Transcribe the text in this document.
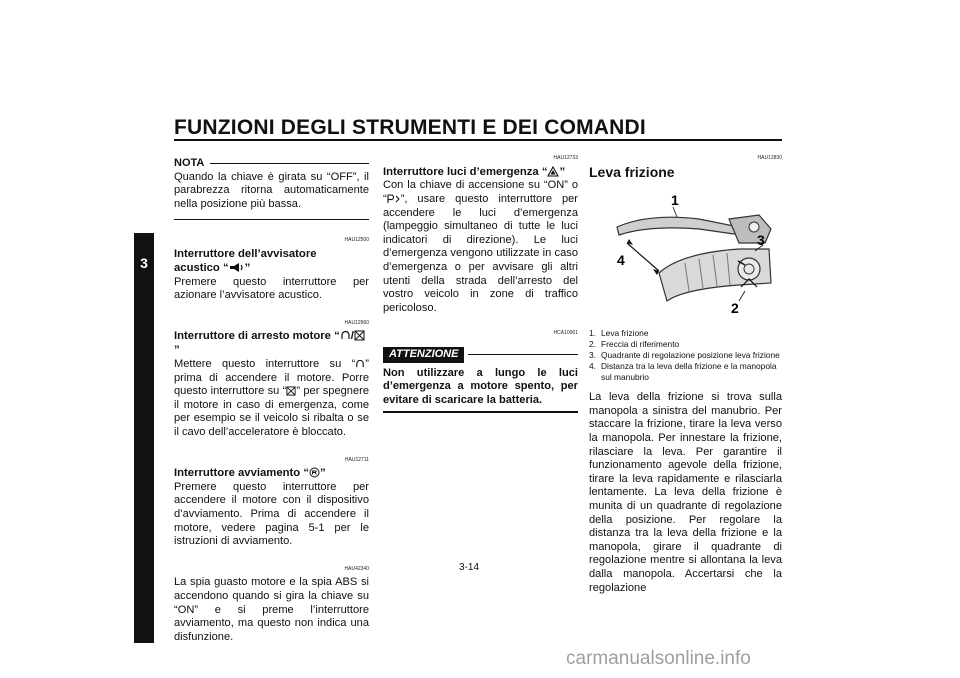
FUNZIONI DEGLI STRUMENTI E DEI COMANDI
3
NOTA

Quando la chiave è girata su “OFF”, il parabrezza ritorna automaticamente nella posizione più bassa.

HAU12500

Interruttore dell’avvisatore

acustico “ ”

Premere questo interruttore per azionare l’avvisatore acustico.

HAU12660

Interruttore di arresto motore “ /”

Mettere questo interruttore su “ ” prima di accendere il motore. Porre questo interruttore su “ ” per spegnere il motore in caso di emergenza, come per esempio se il veicolo si ribalta o se il cavo dell’acceleratore è bloccato.

HAU12711

Interruttore avviamento “ ”

Premere questo interruttore per accendere il motore con il dispositivo d’avviamento. Prima di accendere il motore, vedere pagina 5-1 per le istruzioni di avviamento.

HAU42340

La spia guasto motore e la spia ABS si accendono quando si gira la chiave su “ON” e si preme l’interruttore avviamento, ma questo non indica una disfunzione.

HAU12733

Interruttore luci d’emergenza “ ”

Con la chiave di accensione su “ON” o “ ”, usare questo interruttore per accendere le luci d’emergenza (lampeggio simultaneo di tutte le luci indicatori di direzione). Le luci d’emergenza vengono utilizzate in caso d’emergenza o per avvisare gli altri utenti della strada dell’arresto del vostro veicolo in zone di traffico pericoloso.

HCA10061

ATTENZIONE

Non utilizzare a lungo le luci d’emergenza a motore spento, per evitare di scaricare la batteria.

HAU12830

Leva frizione

1
4
3
2
1. Leva frizione
2. Freccia di riferimento
3. Quadrante di regolazione posizione leva frizione
4. Distanza tra la leva della frizione e la manopola sul manubrio

La leva della frizione si trova sulla manopola a sinistra del manubrio. Per staccare la frizione, tirare la leva verso la manopola. Per innestare la frizione, rilasciare la leva. Per garantire il funzionamento agevole della frizione, tirare la leva rapidamente e rilasciarla lentamente. La leva della frizione è munita di un quadrante di regolazione della posizione. Per regolare la distanza tra la leva della frizione e la manopola, girare il quadrante di regolazione mentre si allontana la leva dalla manopola. Accertarsi che la regolazione

3-14
carmanualsonline.info
